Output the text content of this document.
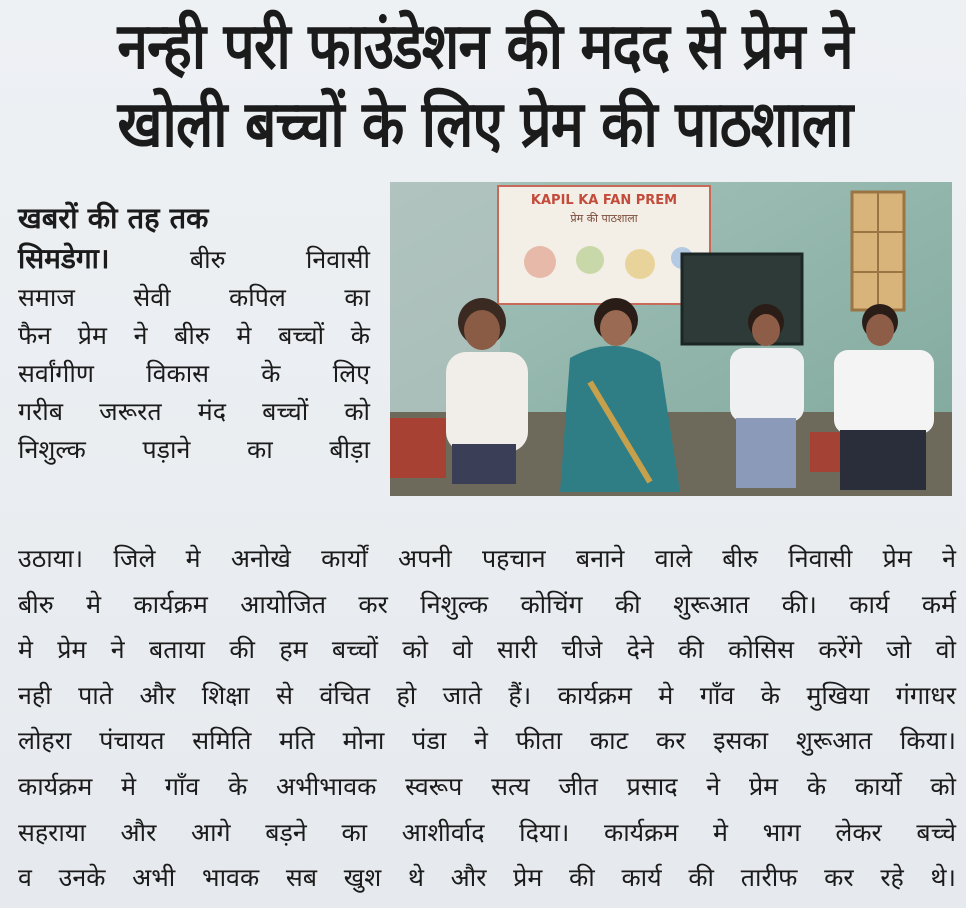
नन्ही परी फाउंडेशन की मदद से प्रेम ने
खोली बच्चों के लिए प्रेम की पाठशाला

खबरों की तह तक

सिमडेगा।	बीरु निवासी
समाज सेवी कपिल का
फैन प्रेम ने बीरु मे बच्चों के
सर्वांगीण विकास के लिए
गरीब जरूरत मंद बच्चों को
निशुल्क पड़ाने का बीड़ा

KAPIL KA FAN PREM
प्रेम की पाठशाला
उठाया। जिले मे अनोखे कार्यों अपनी पहचान बनाने वाले बीरु निवासी प्रेम ने
बीरु मे कार्यक्रम आयोजित कर निशुल्क कोचिंग की शुरूआत की। कार्य कर्म
मे प्रेम ने बताया की हम बच्चों को वो सारी चीजे देने की कोसिस करेंगे जो वो
नही पाते और शिक्षा से वंचित हो जाते हैं। कार्यक्रम मे गाँव के मुखिया गंगाधर
लोहरा पंचायत समिति मति मोना पंडा ने फीता काट कर इसका शुरूआत किया।
कार्यक्रम मे गाँव के अभीभावक स्वरूप सत्य जीत प्रसाद ने प्रेम के कार्यो को
सहराया और आगे बड़ने का आशीर्वाद दिया। कार्यक्रम मे भाग लेकर बच्चे
व उनके अभी भावक सब खुश थे और प्रेम की कार्य की तारीफ कर रहे थे।
